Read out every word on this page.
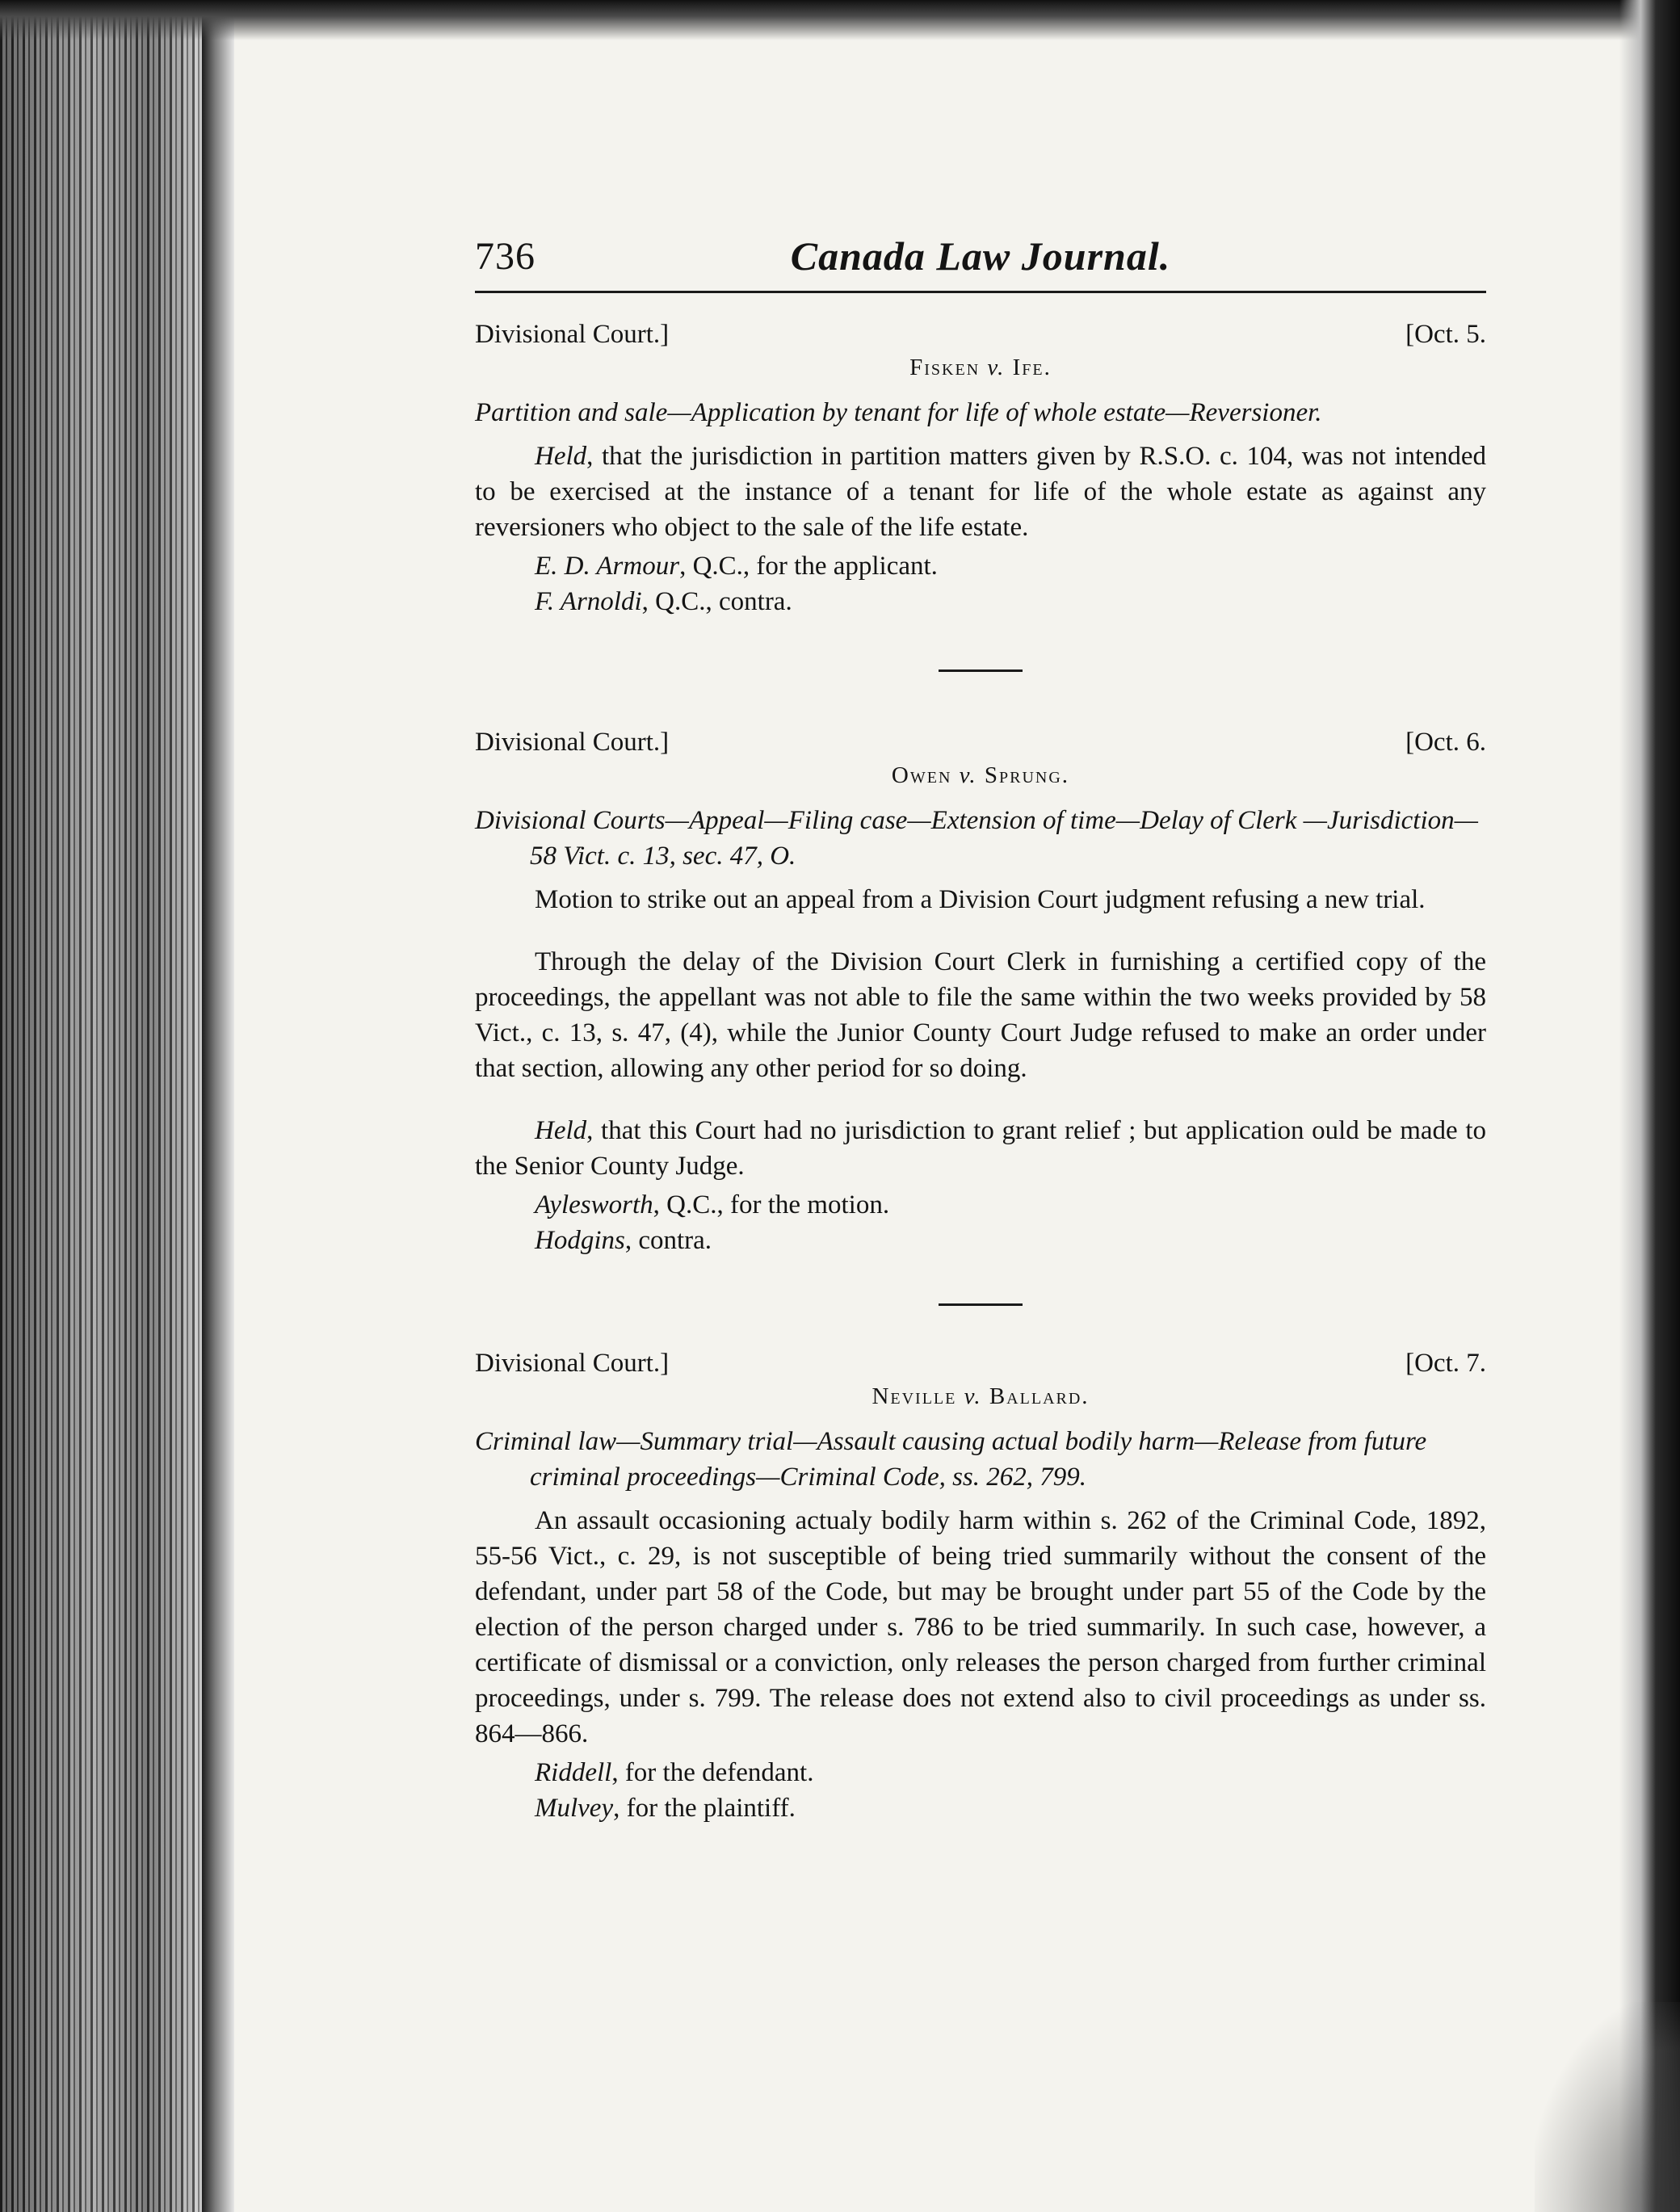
736	Canada Law Journal.
Divisional Court.]	[Oct. 5.
Fisken v. Ife.
Partition and sale—Application by tenant for life of whole estate—Reversioner.

Held, that the jurisdiction in partition matters given by R.S.O. c. 104, was not intended to be exercised at the instance of a tenant for life of the whole estate as against any reversioners who object to the sale of the life estate.

E. D. Armour, Q.C., for the applicant.
F. Arnoldi, Q.C., contra.
Divisional Court.]	[Oct. 6.
Owen v. Sprung.
Divisional Courts—Appeal—Filing case—Extension of time—Delay of Clerk —Jurisdiction—58 Vict. c. 13, sec. 47, O.

Motion to strike out an appeal from a Division Court judgment refusing a new trial.

Through the delay of the Division Court Clerk in furnishing a certified copy of the proceedings, the appellant was not able to file the same within the two weeks provided by 58 Vict., c. 13, s. 47, (4), while the Junior County Court Judge refused to make an order under that section, allowing any other period for so doing.

Held, that this Court had no jurisdiction to grant relief ; but application ould be made to the Senior County Judge.

Aylesworth, Q.C., for the motion.
Hodgins, contra.
Divisional Court.]	[Oct. 7.
Neville v. Ballard.
Criminal law—Summary trial—Assault causing actual bodily harm—Release from future criminal proceedings—Criminal Code, ss. 262, 799.

An assault occasioning actualy bodily harm within s. 262 of the Criminal Code, 1892, 55-56 Vict., c. 29, is not susceptible of being tried summarily without the consent of the defendant, under part 58 of the Code, but may be brought under part 55 of the Code by the election of the person charged under s. 786 to be tried summarily. In such case, however, a certificate of dismissal or a conviction, only releases the person charged from further criminal proceedings, under s. 799. The release does not extend also to civil proceedings as under ss. 864—866.

Riddell, for the defendant.
Mulvey, for the plaintiff.
